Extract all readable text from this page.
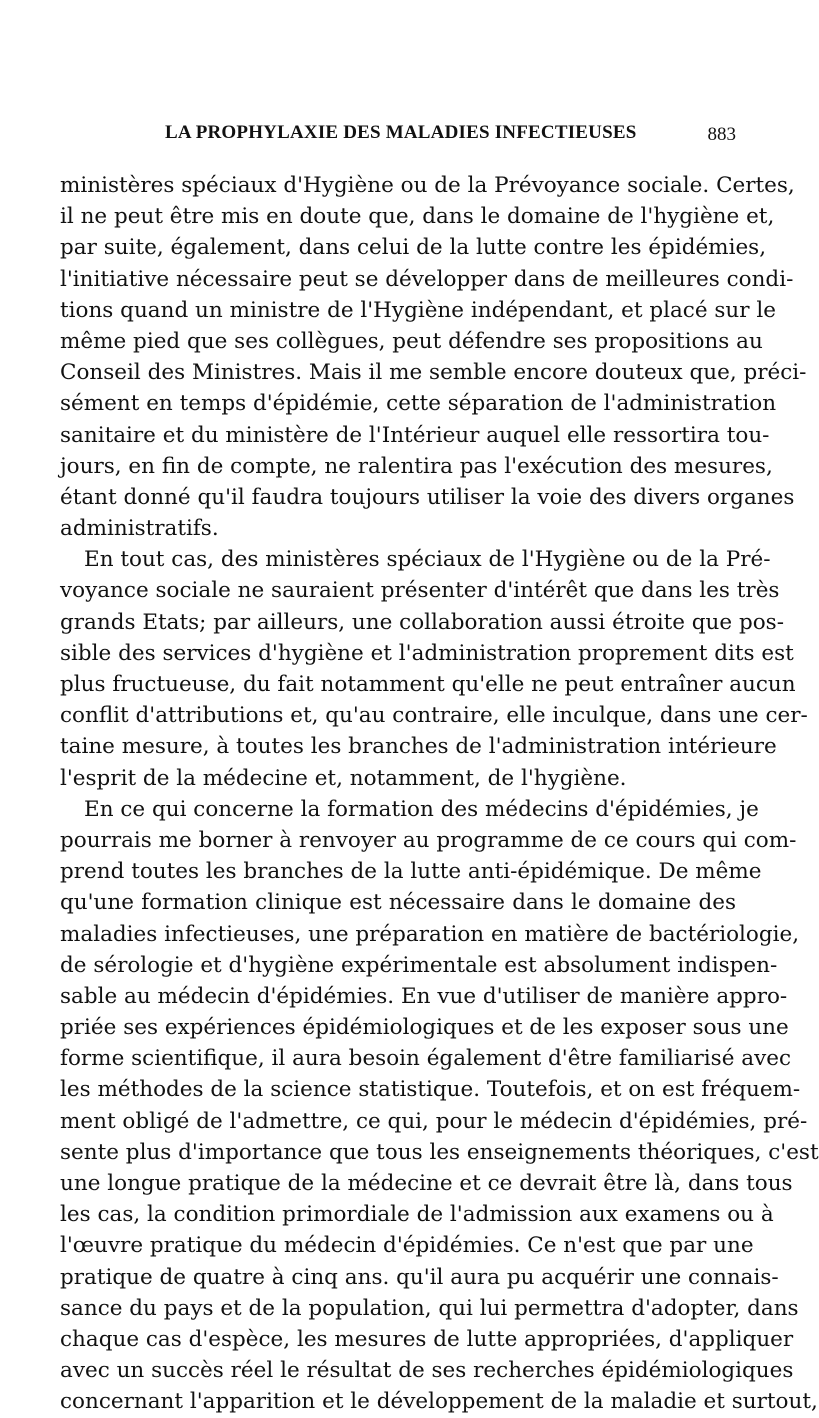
LA PROPHYLAXIE DES MALADIES INFECTIEUSES	883
ministères spéciaux d'Hygiène ou de la Prévoyance sociale. Certes,
il ne peut être mis en doute que, dans le domaine de l'hygiène et,
par suite, également, dans celui de la lutte contre les épidémies,
l'initiative nécessaire peut se développer dans de meilleures condi-
tions quand un ministre de l'Hygiène indépendant, et placé sur le
même pied que ses collègues, peut défendre ses propositions au
Conseil des Ministres. Mais il me semble encore douteux que, préci-
sément en temps d'épidémie, cette séparation de l'administration
sanitaire et du ministère de l'Intérieur auquel elle ressortira tou-
jours, en fin de compte, ne ralentira pas l'exécution des mesures,
étant donné qu'il faudra toujours utiliser la voie des divers organes
administratifs.
En tout cas, des ministères spéciaux de l'Hygiène ou de la Pré-
voyance sociale ne sauraient présenter d'intérêt que dans les très
grands Etats; par ailleurs, une collaboration aussi étroite que pos-
sible des services d'hygiène et l'administration proprement dits est
plus fructueuse, du fait notamment qu'elle ne peut entraîner aucun
conflit d'attributions et, qu'au contraire, elle inculque, dans une cer-
taine mesure, à toutes les branches de l'administration intérieure
l'esprit de la médecine et, notamment, de l'hygiène.
En ce qui concerne la formation des médecins d'épidémies, je
pourrais me borner à renvoyer au programme de ce cours qui com-
prend toutes les branches de la lutte anti-épidémique. De même
qu'une formation clinique est nécessaire dans le domaine des
maladies infectieuses, une préparation en matière de bactériologie,
de sérologie et d'hygiène expérimentale est absolument indispen-
sable au médecin d'épidémies. En vue d'utiliser de manière appro-
priée ses expériences épidémiologiques et de les exposer sous une
forme scientifique, il aura besoin également d'être familiarisé avec
les méthodes de la science statistique. Toutefois, et on est fréquem-
ment obligé de l'admettre, ce qui, pour le médecin d'épidémies, pré-
sente plus d'importance que tous les enseignements théoriques, c'est
une longue pratique de la médecine et ce devrait être là, dans tous
les cas, la condition primordiale de l'admission aux examens ou à
l'œuvre pratique du médecin d'épidémies. Ce n'est que par une
pratique de quatre à cinq ans. qu'il aura pu acquérir une connais-
sance du pays et de la population, qui lui permettra d'adopter, dans
chaque cas d'espèce, les mesures de lutte appropriées, d'appliquer
avec un succès réel le résultat de ses recherches épidémiologiques
concernant l'apparition et le développement de la maladie et surtout,
